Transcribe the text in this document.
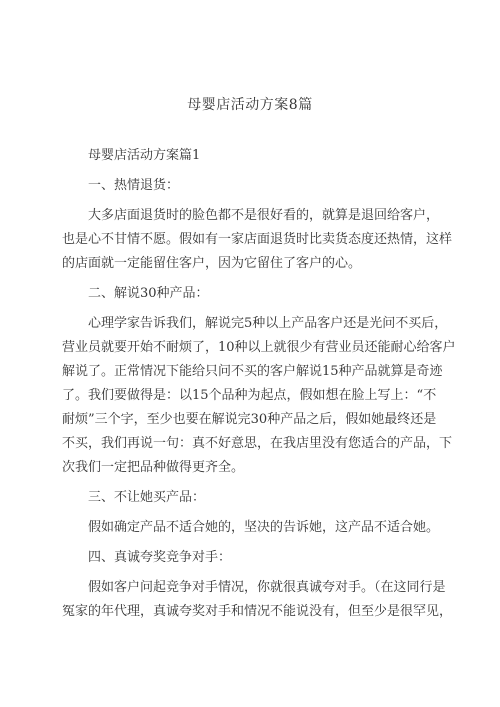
母婴店活动方案8篇
母婴店活动方案篇1
一、热情退货：
大多店面退货时的脸色都不是很好看的，就算是退回给客户，
也是心不甘情不愿。假如有一家店面退货时比卖货态度还热情，这样
的店面就一定能留住客户，因为它留住了客户的心。
二、解说30种产品：
心理学家告诉我们，解说完5种以上产品客户还是光问不买后，
营业员就要开始不耐烦了，10种以上就很少有营业员还能耐心给客户
解说了。正常情况下能给只问不买的客户解说15种产品就算是奇迹
了。我们要做得是：以15个品种为起点，假如想在脸上写上：“不
耐烦”三个字，至少也要在解说完30种产品之后，假如她最终还是
不买，我们再说一句：真不好意思，在我店里没有您适合的产品，下
次我们一定把品种做得更齐全。
三、不让她买产品：
假如确定产品不适合她的，坚决的告诉她，这产品不适合她。
四、真诚夸奖竞争对手：
假如客户问起竞争对手情况，你就很真诚夸对手。（在这同行是
冤家的年代理，真诚夸奖对手和情况不能说没有，但至少是很罕见，
